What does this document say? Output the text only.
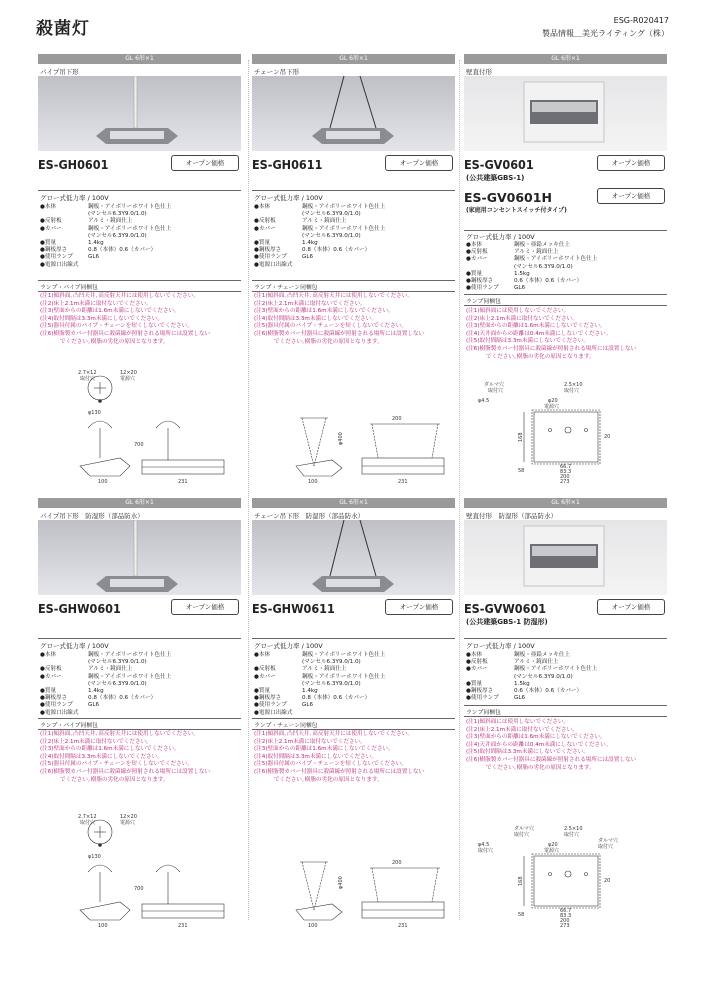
殺菌灯	ESG-R020417
製品情報＿美光ライティング（株）
GL 6形×1
パイプ吊下形
ES-GH0601	オープン価格
グロー式低力率 / 100V
●本体	鋼板・アイボリーホワイト色仕上
(マンセル6.3Y9.0/1.0)
●反射板	アルミ・鏡面仕上
●カバー	鋼板・アイボリーホワイト色仕上
(マンセル6.3Y9.0/1.0)
●質量	1.4kg
●鋼板厚さ	0.8（本体）0.6（カバー）
●使用ランプ	GL6
●電源口出線式
ランプ・パイプ同梱包
(注1)傾斜面､凸凹天井､高反射天井には使用しないでください。
(注2)床上2.1m未満に取付ないでください。
(注3)壁面からの距離は1.6m未満にしないでください。
(注4)取付間隔は3.3m未満にしないでください。
(注5)器具付属のパイプ・チェーンを短くしないでください。
(注6)樹脂製カバー付器具に殺菌線が照射される場所には設置しない
でください｡樹脂の劣化の原因となります。
2.7×12
取付穴
12×20
電源穴
φ130
100	231
700
GL 6形×1
チェーン吊下形
ES-GH0611	オープン価格
グロー式低力率 / 100V
●本体	鋼板・アイボリーホワイト色仕上
(マンセル6.3Y9.0/1.0)
●反射板	アルミ・鏡面仕上
●カバー	鋼板・アイボリーホワイト色仕上
(マンセル6.3Y9.0/1.0)
●質量	1.4kg
●鋼板厚さ	0.8（本体）0.6（カバー）
●使用ランプ	GL6
●電源口出線式
ランプ・チェーン同梱包
(注1)傾斜面､凸凹天井､高反射天井には使用しないでください。
(注2)床上2.1m未満に取付ないでください。
(注3)壁面からの距離は1.6m未満にしないでください。
(注4)取付間隔は3.3m未満にしないでください。
(注5)器具付属のパイプ・チェーンを短くしないでください。
(注6)樹脂製カバー付器具に殺菌線が照射される場所には設置しない
でください｡樹脂の劣化の原因となります。
200
φ400
100	231
GL 6形×1
壁直付形
ES-GV0601
(公共建築GBS-1)
オープン価格
ES-GV0601H
(家庭用コンセントスイッチ付タイプ)
オープン価格
グロー式低力率 / 100V
●本体	鋼板・亜鉛メッキ仕上
●反射板	アルミ・鏡面仕上
●カバー	鋼板・アイボリーホワイト色仕上
(マンセル6.3Y9.0/1.0)
●質量	1.5kg
●鋼板厚さ	0.6（本体）0.6（カバー）
●使用ランプ	GL6
ランプ同梱包
(注1)傾斜面には使用しないでください。
(注2)床上2.1m未満に取付ないでください。
(注3)壁面からの距離は1.6m未満にしないでください。
(注4)天井面からの距離は0.4m未満にしないでください。
(注5)取付間隔は3.3m未満にしないでください。
(注6)樹脂製カバー付器具に殺菌線が照射される場所には設置しない
でください｡樹脂の劣化の原因となります。
ダルマ穴
取付穴
2.5×10
取付穴
φ4.5	φ20
電源穴
168	20
58
66.7
83.3
200
273
GL 6形×1
パイプ吊下形　防湿形（部品防水）
ES-GHW0601	オープン価格
グロー式低力率 / 100V
●本体	鋼板・アイボリーホワイト色仕上
(マンセル6.3Y9.0/1.0)
●反射板	アルミ・鏡面仕上
●カバー	鋼板・アイボリーホワイト色仕上
(マンセル6.3Y9.0/1.0)
●質量	1.4kg
●鋼板厚さ	0.8（本体）0.6（カバー）
●使用ランプ	GL6
●電源口出線式
ランプ・パイプ同梱包
(注1)傾斜面､凸凹天井､高反射天井には使用しないでください。
(注2)床上2.1m未満に取付ないでください。
(注3)壁面からの距離は1.6m未満にしないでください。
(注4)取付間隔は3.3m未満にしないでください。
(注5)器具付属のパイプ・チェーンを短くしないでください。
(注6)樹脂製カバー付器具に殺菌線が照射される場所には設置しない
でください｡樹脂の劣化の原因となります。
2.7×12
取付穴
12×20
電源穴
φ130
100	231
700
GL 6形×1
チェーン吊下形　防湿形（部品防水）
ES-GHW0611	オープン価格
グロー式低力率 / 100V
●本体	鋼板・アイボリーホワイト色仕上
(マンセル6.3Y9.0/1.0)
●反射板	アルミ・鏡面仕上
●カバー	鋼板・アイボリーホワイト色仕上
(マンセル6.3Y9.0/1.0)
●質量	1.4kg
●鋼板厚さ	0.8（本体）0.6（カバー）
●使用ランプ	GL6
●電源口出線式
ランプ・チェーン同梱包
(注1)傾斜面､凸凹天井､高反射天井には使用しないでください。
(注2)床上2.1m未満に取付ないでください。
(注3)壁面からの距離は1.6m未満にしないでください。
(注4)取付間隔は3.3m未満にしないでください。
(注5)器具付属のパイプ・チェーンを短くしないでください。
(注6)樹脂製カバー付器具に殺菌線が照射される場所には設置しない
でください｡樹脂の劣化の原因となります。
200
φ400
100	231
GL 6形×1
壁直付形　防湿形（部品防水）
ES-GVW0601
(公共建築GBS-1 防湿形)
オープン価格
グロー式低力率 / 100V
●本体	鋼板・亜鉛メッキ仕上
●反射板	アルミ・鏡面仕上
●カバー	鋼板・アイボリーホワイト色仕上
(マンセル6.3Y9.0/1.0)
●質量	1.5kg
●鋼板厚さ	0.6（本体）0.6（カバー）
●使用ランプ	GL6
ランプ同梱包
(注1)傾斜面には使用しないでください。
(注2)床上2.1m未満に取付ないでください。
(注3)壁面からの距離は1.6m未満にしないでください。
(注4)天井面からの距離は0.4m未満にしないでください。
(注5)取付間隔は3.3m未満にしないでください。
(注6)樹脂製カバー付器具に殺菌線が照射される場所には設置しない
でください｡樹脂の劣化の原因となります。
ダルマ穴
取付穴
2.5×10
取付穴
ダルマ穴
取付穴
φ4.5
取付穴
φ20
電源穴
168	20
58
66.7
83.3
200
273
